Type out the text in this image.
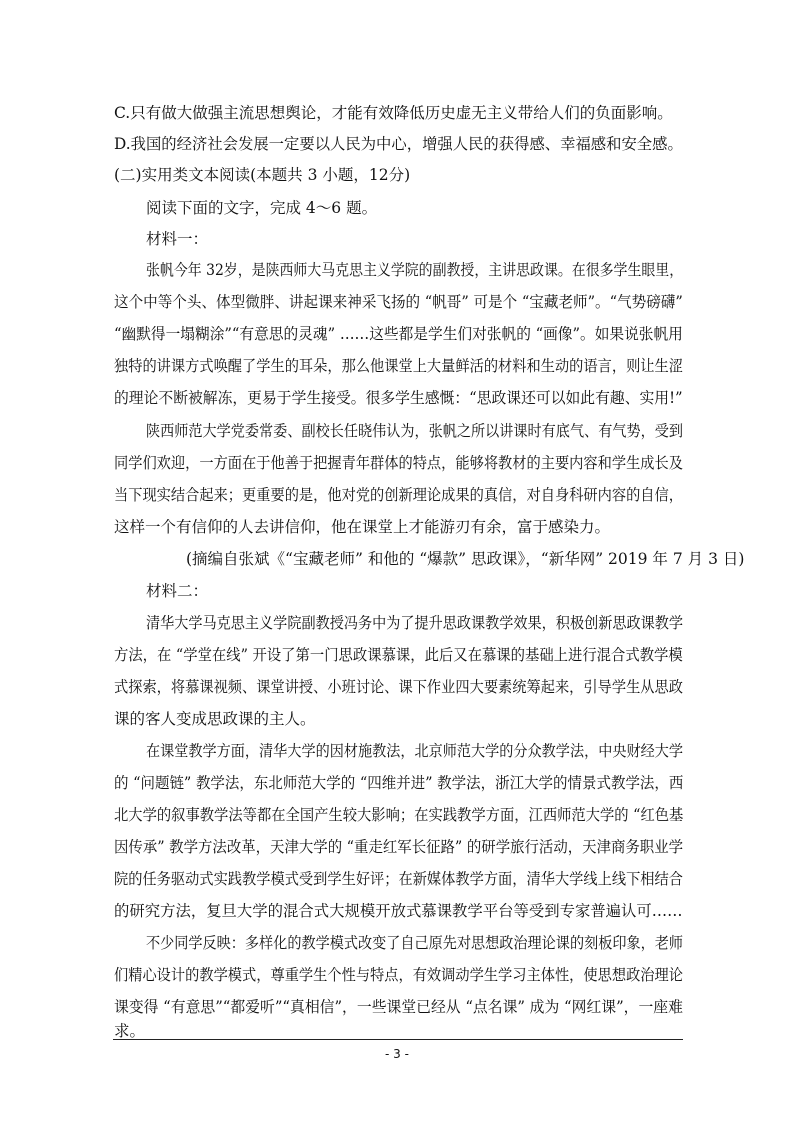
C.只有做大做强主流思想舆论，才能有效降低历史虚无主义带给人们的负面影响。
D.我国的经济社会发展一定要以人民为中心，增强人民的获得感、幸福感和安全感。
(二)实用类文本阅读(本题共 3 小题，12分)
阅读下面的文字，完成 4～6 题。
材料一：
张帆今年 32岁，是陕西师大马克思主义学院的副教授，主讲思政课。在很多学生眼里，
这个中等个头、体型微胖、讲起课来神采飞扬的 “帆哥” 可是个 “宝藏老师”。“气势磅礴”
“幽默得一塌糊涂”“有意思的灵魂” ……这些都是学生们对张帆的 “画像”。如果说张帆用
独特的讲课方式唤醒了学生的耳朵，那么他课堂上大量鲜活的材料和生动的语言，则让生涩
的理论不断被解冻，更易于学生接受。很多学生感慨：“思政课还可以如此有趣、实用!”
陕西师范大学党委常委、副校长任晓伟认为，张帆之所以讲课时有底气、有气势，受到
同学们欢迎，一方面在于他善于把握青年群体的特点，能够将教材的主要内容和学生成长及
当下现实结合起来；更重要的是，他对党的创新理论成果的真信，对自身科研内容的自信，
这样一个有信仰的人去讲信仰，他在课堂上才能游刃有余，富于感染力。
(摘编自张斌《“宝藏老师” 和他的 “爆款” 思政课》，“新华网” 2019 年 7 月 3 日)
材料二：
清华大学马克思主义学院副教授冯务中为了提升思政课教学效果，积极创新思政课教学
方法，在 “学堂在线” 开设了第一门思政课慕课，此后又在慕课的基础上进行混合式教学模
式探索，将慕课视频、课堂讲授、小班讨论、课下作业四大要素统筹起来，引导学生从思政
课的客人变成思政课的主人。
在课堂教学方面，清华大学的因材施教法，北京师范大学的分众教学法，中央财经大学
的 “问题链” 教学法，东北师范大学的 “四维并进” 教学法，浙江大学的情景式教学法，西
北大学的叙事教学法等都在全国产生较大影响；在实践教学方面，江西师范大学的 “红色基
因传承” 教学方法改革，天津大学的 “重走红军长征路” 的研学旅行活动，天津商务职业学
院的任务驱动式实践教学模式受到学生好评；在新媒体教学方面，清华大学线上线下相结合
的研究方法，复旦大学的混合式大规模开放式慕课教学平台等受到专家普遍认可……
不少同学反映：多样化的教学模式改变了自己原先对思想政治理论课的刻板印象，老师
们精心设计的教学模式，尊重学生个性与特点，有效调动学生学习主体性，使思想政治理论
课变得 “有意思”“都爱听”“真相信”，一些课堂已经从 “点名课” 成为 “网红课”，一座难
求。
- 3 -
